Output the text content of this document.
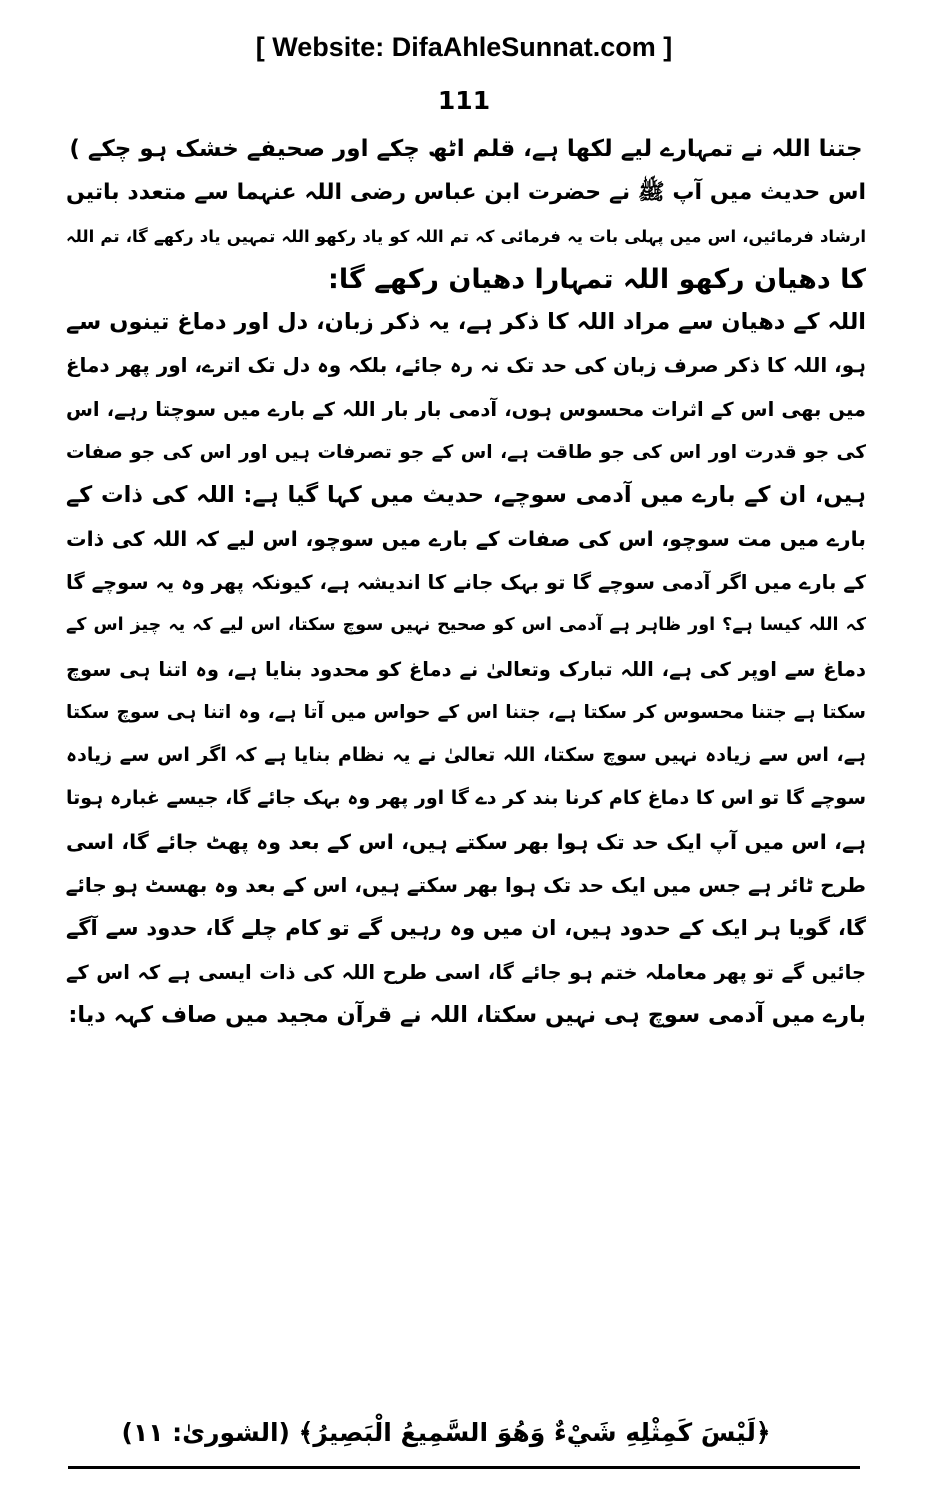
[ Website: DifaAhleSunnat.com ]
111
جتنا اللہ نے تمہارے لیے لکھا ہے، قلم اٹھ چکے اور صحیفے خشک ہو چکے )
اس حدیث میں آپ ﷺ نے حضرت ابن عباس رضی اللہ عنہما سے متعدد باتیں
ارشاد فرمائیں، اس میں پہلی بات یہ فرمائی کہ تم اللہ کو یاد رکھو اللہ تمہیں یاد رکھے گا، تم اللہ
کا دھیان رکھو اللہ تمہارا دھیان رکھے گا:
اللہ کے دھیان سے مراد اللہ کا ذکر ہے، یہ ذکر زبان، دل اور دماغ تینوں سے
ہو، اللہ کا ذکر صرف زبان کی حد تک نہ رہ جائے، بلکہ وہ دل تک اترے، اور پھر دماغ
میں بھی اس کے اثرات محسوس ہوں، آدمی بار بار اللہ کے بارے میں سوچتا رہے، اس
کی جو قدرت اور اس کی جو طاقت ہے، اس کے جو تصرفات ہیں اور اس کی جو صفات
ہیں، ان کے بارے میں آدمی سوچے، حدیث میں کہا گیا ہے: اللہ کی ذات کے
بارے میں مت سوچو، اس کی صفات کے بارے میں سوچو، اس لیے کہ اللہ کی ذات
کے بارے میں اگر آدمی سوچے گا تو بہک جانے کا اندیشہ ہے، کیونکہ پھر وہ یہ سوچے گا
کہ اللہ کیسا ہے؟ اور ظاہر ہے آدمی اس کو صحیح نہیں سوچ سکتا، اس لیے کہ یہ چیز اس کے
دماغ سے اوپر کی ہے، اللہ تبارک وتعالیٰ نے دماغ کو محدود بنایا ہے، وہ اتنا ہی سوچ
سکتا ہے جتنا محسوس کر سکتا ہے، جتنا اس کے حواس میں آتا ہے، وہ اتنا ہی سوچ سکتا
ہے، اس سے زیادہ نہیں سوچ سکتا، اللہ تعالیٰ نے یہ نظام بنایا ہے کہ اگر اس سے زیادہ
سوچے گا تو اس کا دماغ کام کرنا بند کر دے گا اور پھر وہ بہک جائے گا، جیسے غبارہ ہوتا
ہے، اس میں آپ ایک حد تک ہوا بھر سکتے ہیں، اس کے بعد وہ پھٹ جائے گا، اسی
طرح ٹائر ہے جس میں ایک حد تک ہوا بھر سکتے ہیں، اس کے بعد وہ بھسٹ ہو جائے
گا، گویا ہر ایک کے حدود ہیں، ان میں وہ رہیں گے تو کام چلے گا، حدود سے آگے
جائیں گے تو پھر معاملہ ختم ہو جائے گا، اسی طرح اللہ کی ذات ایسی ہے کہ اس کے
بارے میں آدمی سوچ ہی نہیں سکتا، اللہ نے قرآن مجید میں صاف کہہ دیا:
﴿لَيْسَ كَمِثْلِهِ شَيْءٌ وَهُوَ السَّمِيعُ الْبَصِيرُ﴾ (الشوریٰ: ۱۱)
